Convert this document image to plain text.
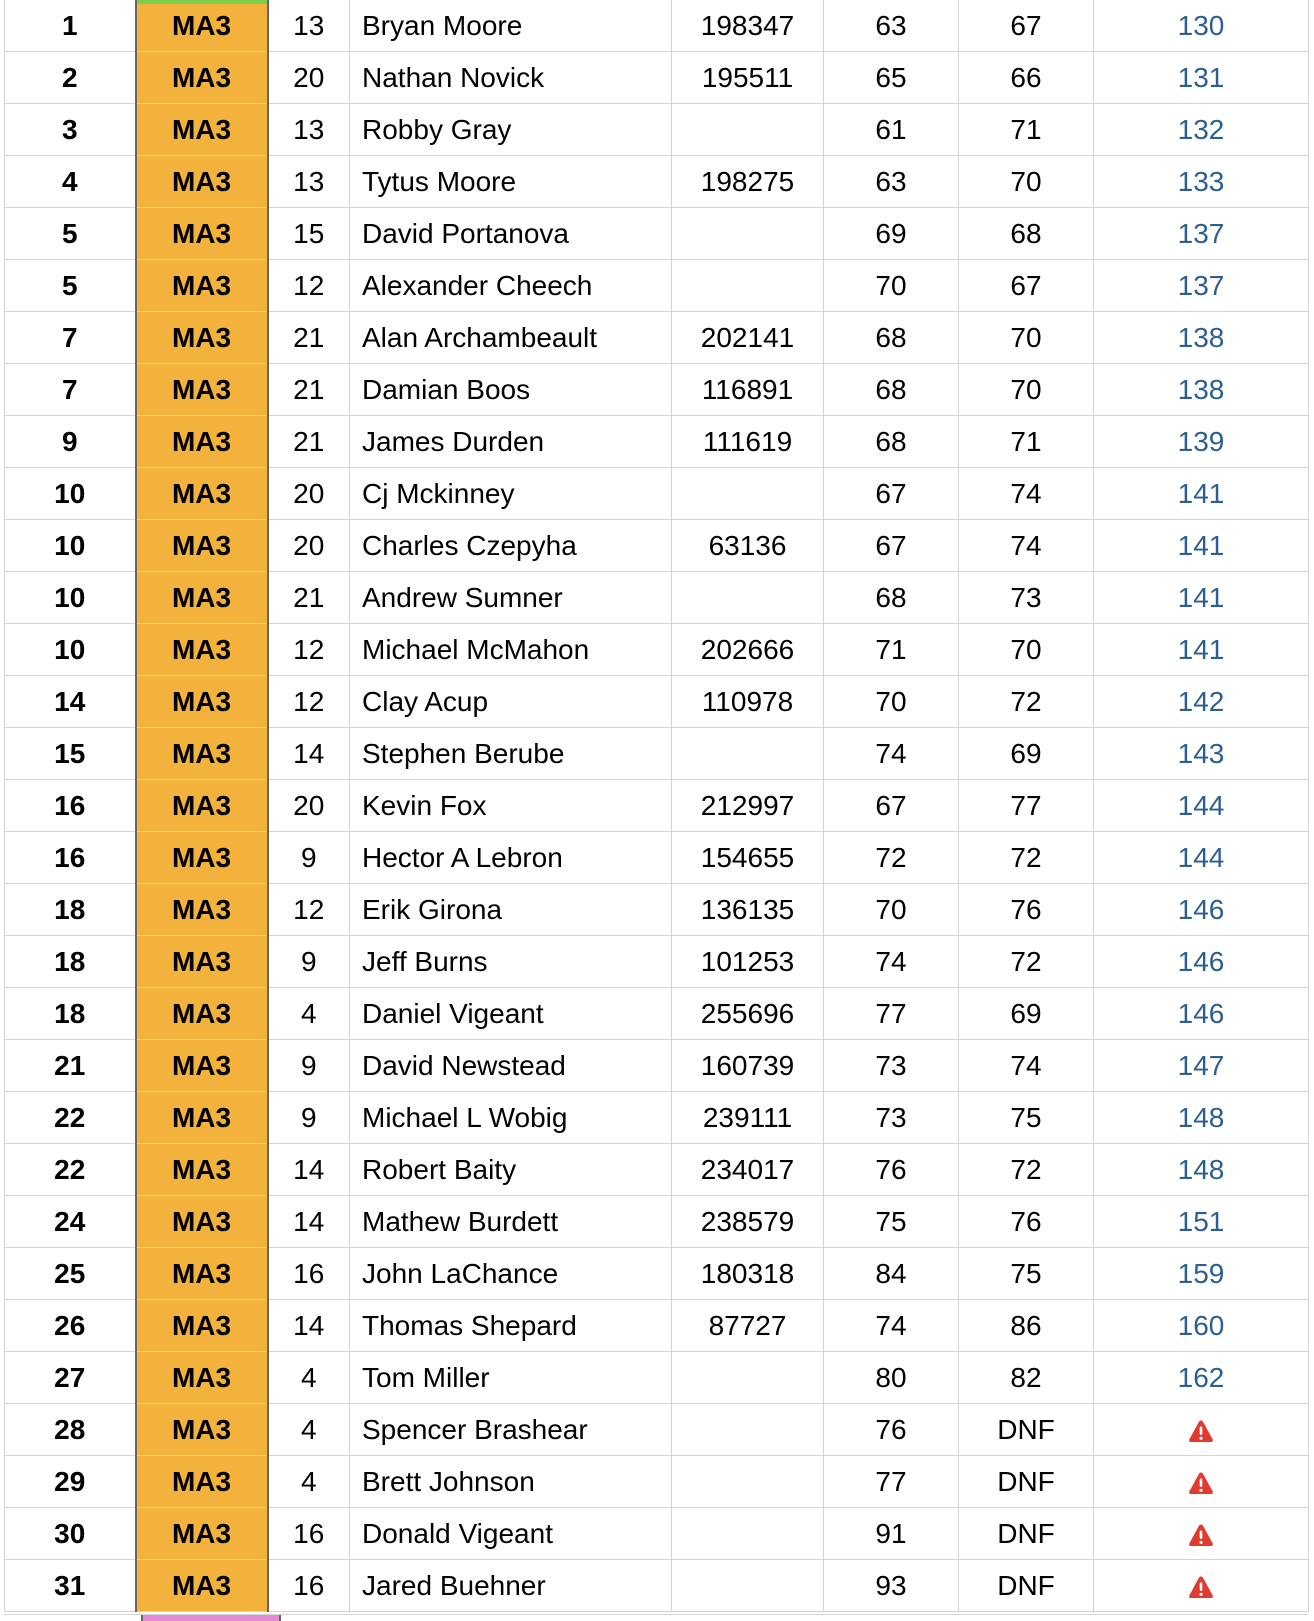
1	MA3	13	Bryan Moore	198347	63	67	130
2	MA3	20	Nathan Novick	195511	65	66	131
3	MA3	13	Robby Gray		61	71	132
4	MA3	13	Tytus Moore	198275	63	70	133
5	MA3	15	David Portanova		69	68	137
5	MA3	12	Alexander Cheech		70	67	137
7	MA3	21	Alan Archambeault	202141	68	70	138
7	MA3	21	Damian Boos	116891	68	70	138
9	MA3	21	James Durden	111619	68	71	139
10	MA3	20	Cj Mckinney		67	74	141
10	MA3	20	Charles Czepyha	63136	67	74	141
10	MA3	21	Andrew Sumner		68	73	141
10	MA3	12	Michael McMahon	202666	71	70	141
14	MA3	12	Clay Acup	110978	70	72	142
15	MA3	14	Stephen Berube		74	69	143
16	MA3	20	Kevin Fox	212997	67	77	144
16	MA3	9	Hector A Lebron	154655	72	72	144
18	MA3	12	Erik Girona	136135	70	76	146
18	MA3	9	Jeff Burns	101253	74	72	146
18	MA3	4	Daniel Vigeant	255696	77	69	146
21	MA3	9	David Newstead	160739	73	74	147
22	MA3	9	Michael L Wobig	239111	73	75	148
22	MA3	14	Robert Baity	234017	76	72	148
24	MA3	14	Mathew Burdett	238579	75	76	151
25	MA3	16	John LaChance	180318	84	75	159
26	MA3	14	Thomas Shepard	87727	74	86	160
27	MA3	4	Tom Miller		80	82	162
28	MA3	4	Spencer Brashear		76	DNF	
29	MA3	4	Brett Johnson		77	DNF	
30	MA3	16	Donald Vigeant		91	DNF	
31	MA3	16	Jared Buehner		93	DNF	
